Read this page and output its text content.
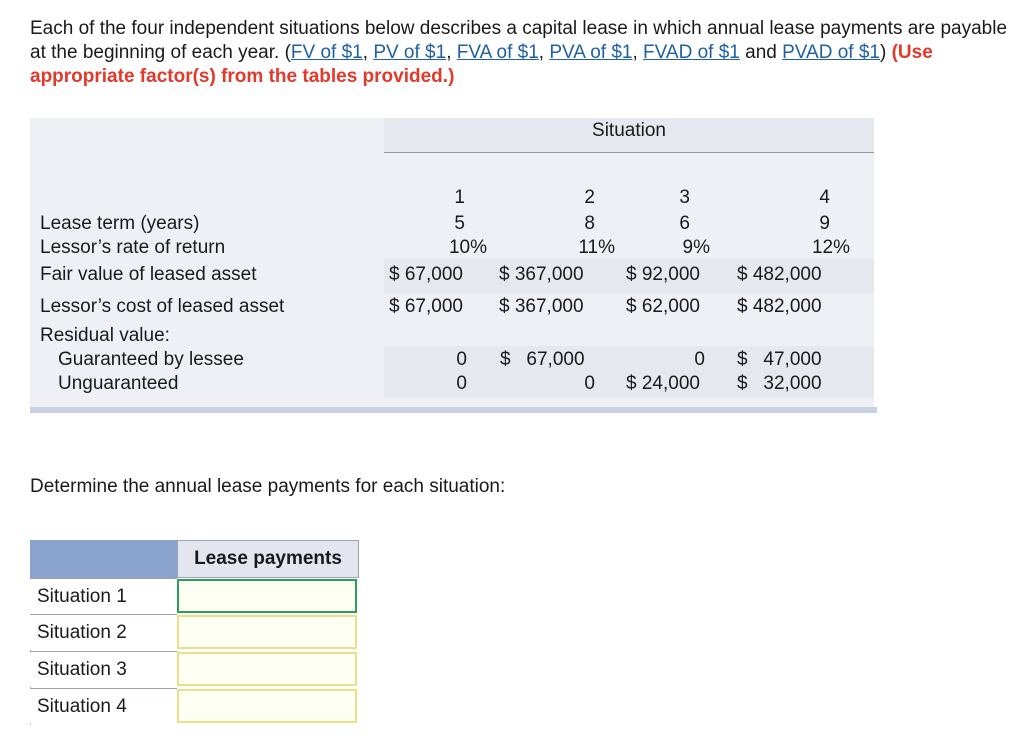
Each of the four independent situations below describes a capital lease in which annual lease payments are payable at the beginning of each year. (FV of $1, PV of $1, FVA of $1, PVA of $1, FVAD of $1 and PVAD of $1) (Use appropriate factor(s) from the tables provided.)
Situation
1	2	3	4
Lease term (years)	5	8	6	9
Lessor’s rate of return	10%	11%	9%	12%
Fair value of leased asset	$ 67,000 $ 367,000 $ 92,000 $ 482,000
Lessor’s cost of leased asset	$ 67,000 $ 367,000 $ 62,000 $ 482,000
Residual value:
Guaranteed by lessee	0 $   67,000	0 $   47,000
Unguaranteed	0	0 $ 24,000 $   32,000
Determine the annual lease payments for each situation:
Lease payments
Situation 1
Situation 2
Situation 3
Situation 4
